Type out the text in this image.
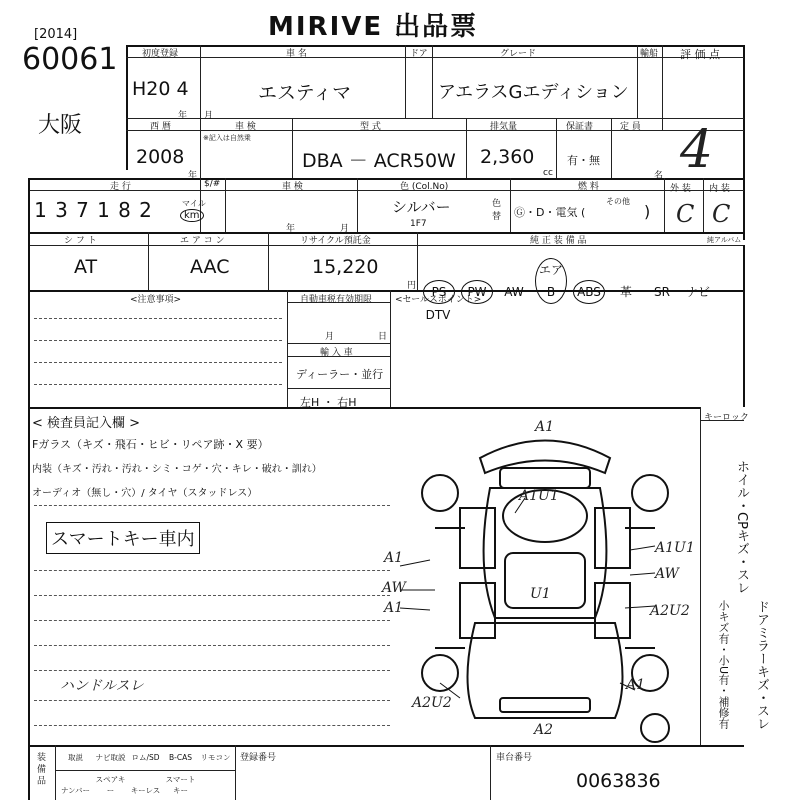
MIRIVE 出品票
[2014]
60061
大阪
初度登録
H20 4
年 月
車 名
エスティマ
ドア	グレード
アエラスGエディション
輸船 評 価 点
西 暦
2008
年
車 検
※記入は自然乗
型 式
DBA － ACR50W
排気量
2,360
cc
保証書
有・無
定 員
名 4
走 行
1 3 7 1 8 2	マイル
km
$/#	車 検
年	月
色 (Col.No)
シルバー
1F7
色替
燃 料
Ⓖ・D・電気 (
その他
)
外 装 内 装
C C
シ フ ト
AT
エ ア コ ン
AAC
リサイクル預託金
15,220
円
純 正 装 備 品	純アルバム
PS PW AWエアB ABS 革 SR ナビDTV
<注意事項>	自動車税有効期限
月	日
輸 入 車
ディーラー・並行
左H ・ 右H
<セールスポイント>
< 検査員記入欄 >
Fガラス（キズ・飛石・ヒビ・リペア跡・X 要）
内装（キズ・汚れ・汚れ・シミ・コゲ・穴・キレ・破れ・訓れ）
オーディオ（無し・穴）/ タイヤ（スタッドレス）
スマートキー車内
ハンドルスレ
キーロック
A1
A1U1
A1
AW
A1
A1U1
AW
A2U2
U1
A2U2
A1
A2
ホイル・CPキズ・スレ
ドアミラーキズ・スレ
小キズ有・小U有・補修有
装 備 品	取説 ナビ取説 ロム/SD B-CAS リモコン
ナンバースペアキー キーレススマートキー
登録番号	車台番号
0063836
